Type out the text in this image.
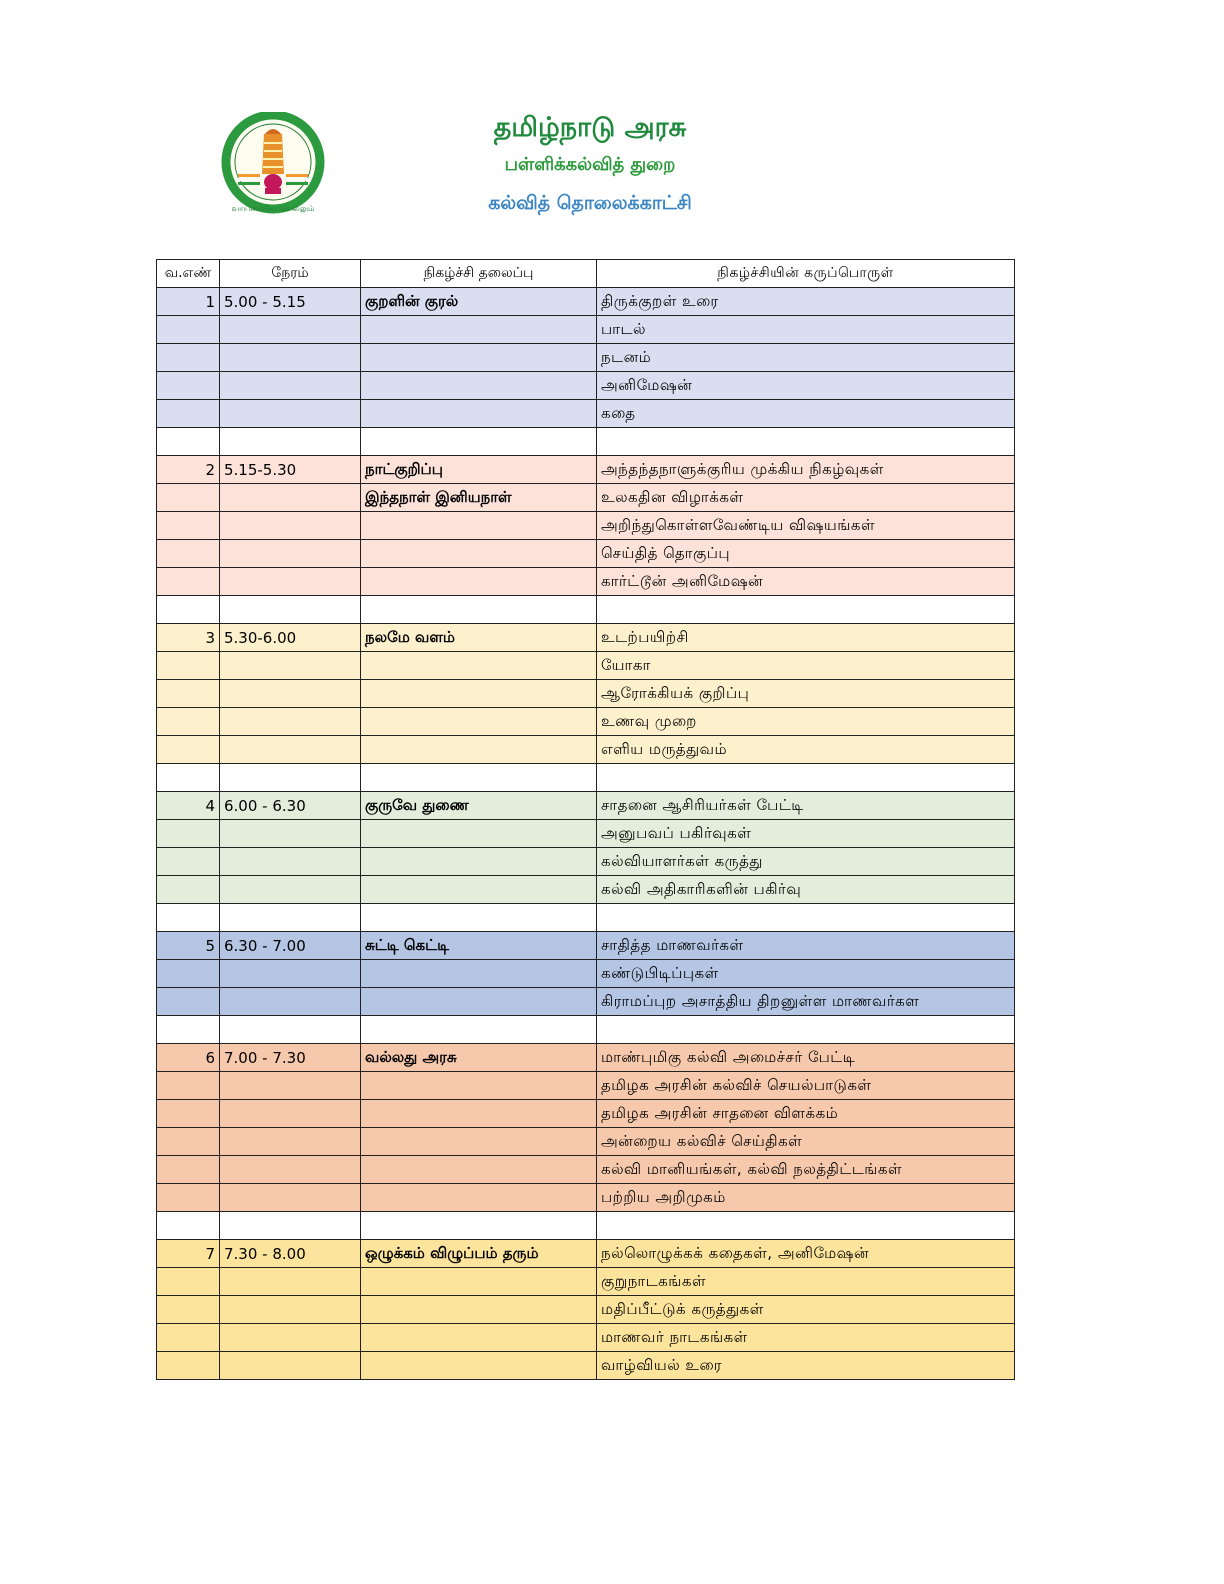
வாய்மையே வெல்லும்
தமிழ்நாடு அரசு
பள்ளிக்கல்வித் துறை
கல்வித் தொலைக்காட்சி
வ.எண்	நேரம்	நிகழ்ச்சி தலைப்பு	நிகழ்ச்சியின் கருப்பொருள்
1	5.00 - 5.15	குறளின் குரல்	திருக்குறள் உரை
			பாடல்
			நடனம்
			அனிமேஷன்
			கதை

2	5.15-5.30	நாட்குறிப்பு	அந்தந்தநாளுக்குரிய முக்கிய நிகழ்வுகள்
		இந்தநாள் இனியநாள்	உலகதின விழாக்கள்
			அறிந்துகொள்ளவேண்டிய விஷயங்கள்
			செய்தித் தொகுப்பு
			கார்ட்டூன் அனிமேஷன்

3	5.30-6.00	நலமே வளம்	உடற்பயிற்சி
			யோகா
			ஆரோக்கியக் குறிப்பு
			உணவு முறை
			எளிய மருத்துவம்

4	6.00 - 6.30	குருவே துணை	சாதனை ஆசிரியர்கள் பேட்டி
			அனுபவப் பகிர்வுகள்
			கல்வியாளர்கள் கருத்து
			கல்வி அதிகாரிகளின் பகிர்வு

5	6.30 - 7.00	சுட்டி கெட்டி	சாதித்த மாணவர்கள்
			கண்டுபிடிப்புகள்
			கிராமப்புற அசாத்திய திறனுள்ள மாணவர்கள

6	7.00 - 7.30	வல்லது அரசு	மாண்புமிகு கல்வி அமைச்சர் பேட்டி
			தமிழக அரசின் கல்விச் செயல்பாடுகள்
			தமிழக அரசின் சாதனை விளக்கம்
			அன்றைய கல்விச் செய்திகள்
			கல்வி மானியங்கள், கல்வி நலத்திட்டங்கள்
			பற்றிய அறிமுகம்

7	7.30 - 8.00	ஒழுக்கம் விழுப்பம் தரும்	நல்லொழுக்கக் கதைகள், அனிமேஷன்
			குறுநாடகங்கள்
			மதிப்பீட்டுக் கருத்துகள்
			மாணவர் நாடகங்கள்
			வாழ்வியல் உரை
